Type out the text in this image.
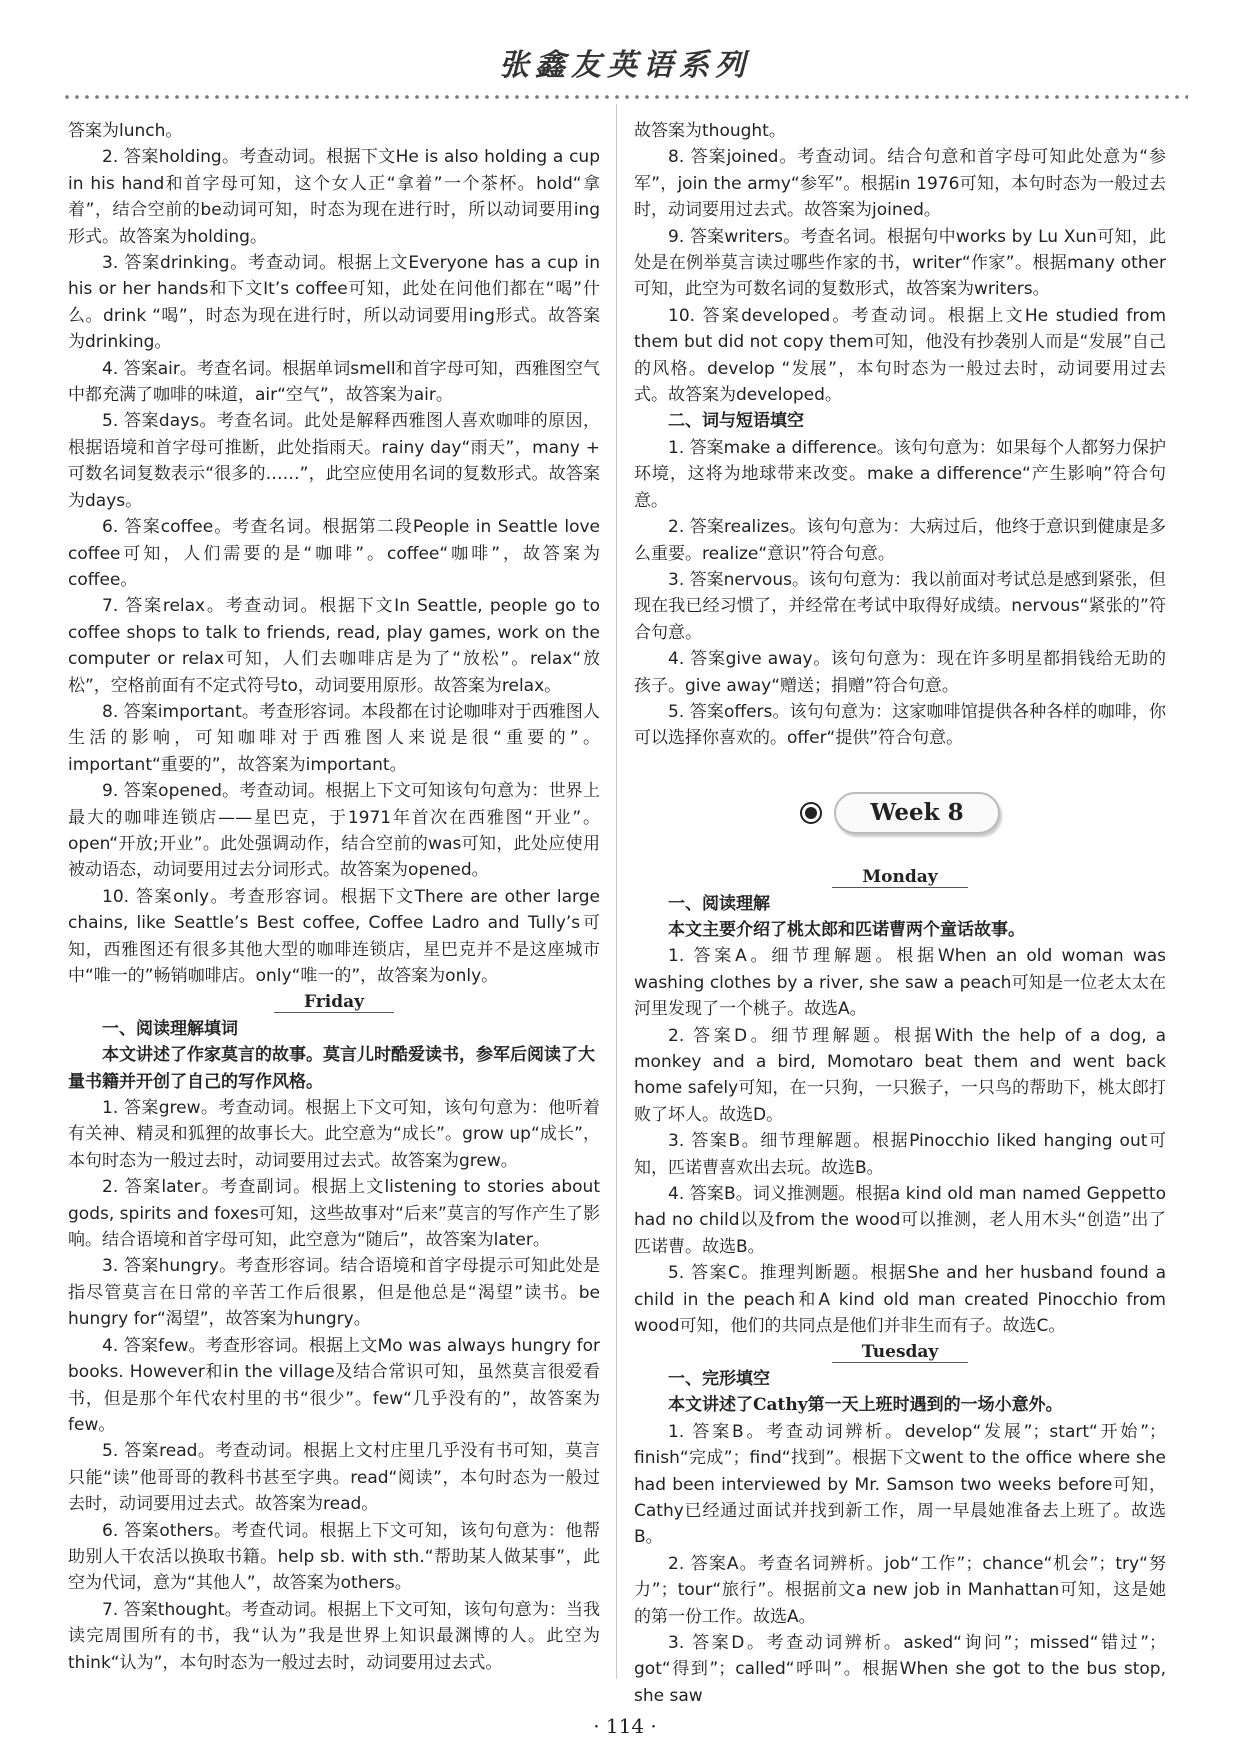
张鑫友英语系列

答案为lunch。

2. 答案holding。考查动词。根据下文He is also holding a cup in his hand和首字母可知，这个女人正“拿着”一个茶杯。hold“拿着”，结合空前的be动词可知，时态为现在进行时，所以动词要用ing形式。故答案为holding。

3. 答案drinking。考查动词。根据上文Everyone has a cup in his or her hands和下文It’s coffee可知，此处在问他们都在“喝”什么。drink “喝”，时态为现在进行时，所以动词要用ing形式。故答案为drinking。

4. 答案air。考查名词。根据单词smell和首字母可知，西雅图空气中都充满了咖啡的味道，air“空气”，故答案为air。

5. 答案days。考查名词。此处是解释西雅图人喜欢咖啡的原因，根据语境和首字母可推断，此处指雨天。rainy day“雨天”，many + 可数名词复数表示“很多的……”，此空应使用名词的复数形式。故答案为days。

6. 答案coffee。考查名词。根据第二段People in Seattle love coffee可知，人们需要的是“咖啡”。coffee“咖啡”，故答案为coffee。

7. 答案relax。考查动词。根据下文In Seattle, people go to coffee shops to talk to friends, read, play games, work on the computer or relax可知，人们去咖啡店是为了“放松”。relax“放松”，空格前面有不定式符号to，动词要用原形。故答案为relax。

8. 答案important。考查形容词。本段都在讨论咖啡对于西雅图人生活的影响，可知咖啡对于西雅图人来说是很“重要的”。important“重要的”，故答案为important。

9. 答案opened。考查动词。根据上下文可知该句句意为：世界上最大的咖啡连锁店——星巴克，于1971年首次在西雅图“开业”。open“开放;开业”。此处强调动作，结合空前的was可知，此处应使用被动语态，动词要用过去分词形式。故答案为opened。

10. 答案only。考查形容词。根据下文There are other large chains, like Seattle’s Best coffee, Coffee Ladro and Tully’s可知，西雅图还有很多其他大型的咖啡连锁店，星巴克并不是这座城市中“唯一的”畅销咖啡店。only“唯一的”，故答案为only。

Friday

一、阅读理解填词

本文讲述了作家莫言的故事。莫言儿时酷爱读书，参军后阅读了大量书籍并开创了自己的写作风格。

1. 答案grew。考查动词。根据上下文可知，该句句意为：他听着有关神、精灵和狐狸的故事长大。此空意为“成长”。grow up“成长”，本句时态为一般过去时，动词要用过去式。故答案为grew。

2. 答案later。考查副词。根据上文listening to stories about gods, spirits and foxes可知，这些故事对“后来”莫言的写作产生了影响。结合语境和首字母可知，此空意为“随后”，故答案为later。

3. 答案hungry。考查形容词。结合语境和首字母提示可知此处是指尽管莫言在日常的辛苦工作后很累，但是他总是“渴望”读书。be hungry for“渴望”，故答案为hungry。

4. 答案few。考查形容词。根据上文Mo was always hungry for books. However和in the village及结合常识可知，虽然莫言很爱看书，但是那个年代农村里的书“很少”。few“几乎没有的”，故答案为few。

5. 答案read。考查动词。根据上文村庄里几乎没有书可知，莫言只能“读”他哥哥的教科书甚至字典。read“阅读”，本句时态为一般过去时，动词要用过去式。故答案为read。

6. 答案others。考查代词。根据上下文可知，该句句意为：他帮助别人干农活以换取书籍。help sb. with sth.“帮助某人做某事”，此空为代词，意为“其他人”，故答案为others。

7. 答案thought。考查动词。根据上下文可知，该句句意为：当我读完周围所有的书，我“认为”我是世界上知识最渊博的人。此空为think“认为”，本句时态为一般过去时，动词要用过去式。

故答案为thought。

8. 答案joined。考查动词。结合句意和首字母可知此处意为“参军”，join the army“参军”。根据in 1976可知，本句时态为一般过去时，动词要用过去式。故答案为joined。

9. 答案writers。考查名词。根据句中works by Lu Xun可知，此处是在例举莫言读过哪些作家的书，writer“作家”。根据many other可知，此空为可数名词的复数形式，故答案为writers。

10. 答案developed。考查动词。根据上文He studied from them but did not copy them可知，他没有抄袭别人而是“发展”自己的风格。develop “发展”，本句时态为一般过去时，动词要用过去式。故答案为developed。

二、词与短语填空

1. 答案make a difference。该句句意为：如果每个人都努力保护环境，这将为地球带来改变。make a difference“产生影响”符合句意。

2. 答案realizes。该句句意为：大病过后，他终于意识到健康是多么重要。realize“意识”符合句意。

3. 答案nervous。该句句意为：我以前面对考试总是感到紧张，但现在我已经习惯了，并经常在考试中取得好成绩。nervous“紧张的”符合句意。

4. 答案give away。该句句意为：现在许多明星都捐钱给无助的孩子。give away“赠送；捐赠”符合句意。

5. 答案offers。该句句意为：这家咖啡馆提供各种各样的咖啡，你可以选择你喜欢的。offer“提供”符合句意。

Week 8

Monday

一、阅读理解

本文主要介绍了桃太郎和匹诺曹两个童话故事。

1. 答案A。细节理解题。根据When an old woman was washing clothes by a river, she saw a peach可知是一位老太太在河里发现了一个桃子。故选A。

2. 答案D。细节理解题。根据With the help of a dog, a monkey and a bird, Momotaro beat them and went back home safely可知，在一只狗，一只猴子，一只鸟的帮助下，桃太郎打败了坏人。故选D。

3. 答案B。细节理解题。根据Pinocchio liked hanging out可知，匹诺曹喜欢出去玩。故选B。

4. 答案B。词义推测题。根据a kind old man named Geppetto had no child以及from the wood可以推测，老人用木头“创造”出了匹诺曹。故选B。

5. 答案C。推理判断题。根据She and her husband found a child in the peach和A kind old man created Pinocchio from wood可知，他们的共同点是他们并非生而有子。故选C。

Tuesday

一、完形填空

本文讲述了Cathy第一天上班时遇到的一场小意外。

1. 答案B。考查动词辨析。develop“发展”；start“开始”；finish“完成”；find“找到”。根据下文went to the office where she had been interviewed by Mr. Samson two weeks before可知，Cathy已经通过面试并找到新工作，周一早晨她准备去上班了。故选B。

2. 答案A。考查名词辨析。job“工作”；chance“机会”；try“努力”；tour“旅行”。根据前文a new job in Manhattan可知，这是她的第一份工作。故选A。

3. 答案D。考查动词辨析。asked“询问”；missed“错过”；got“得到”；called“呼叫”。根据When she got to the bus stop, she saw

· 114 ·
